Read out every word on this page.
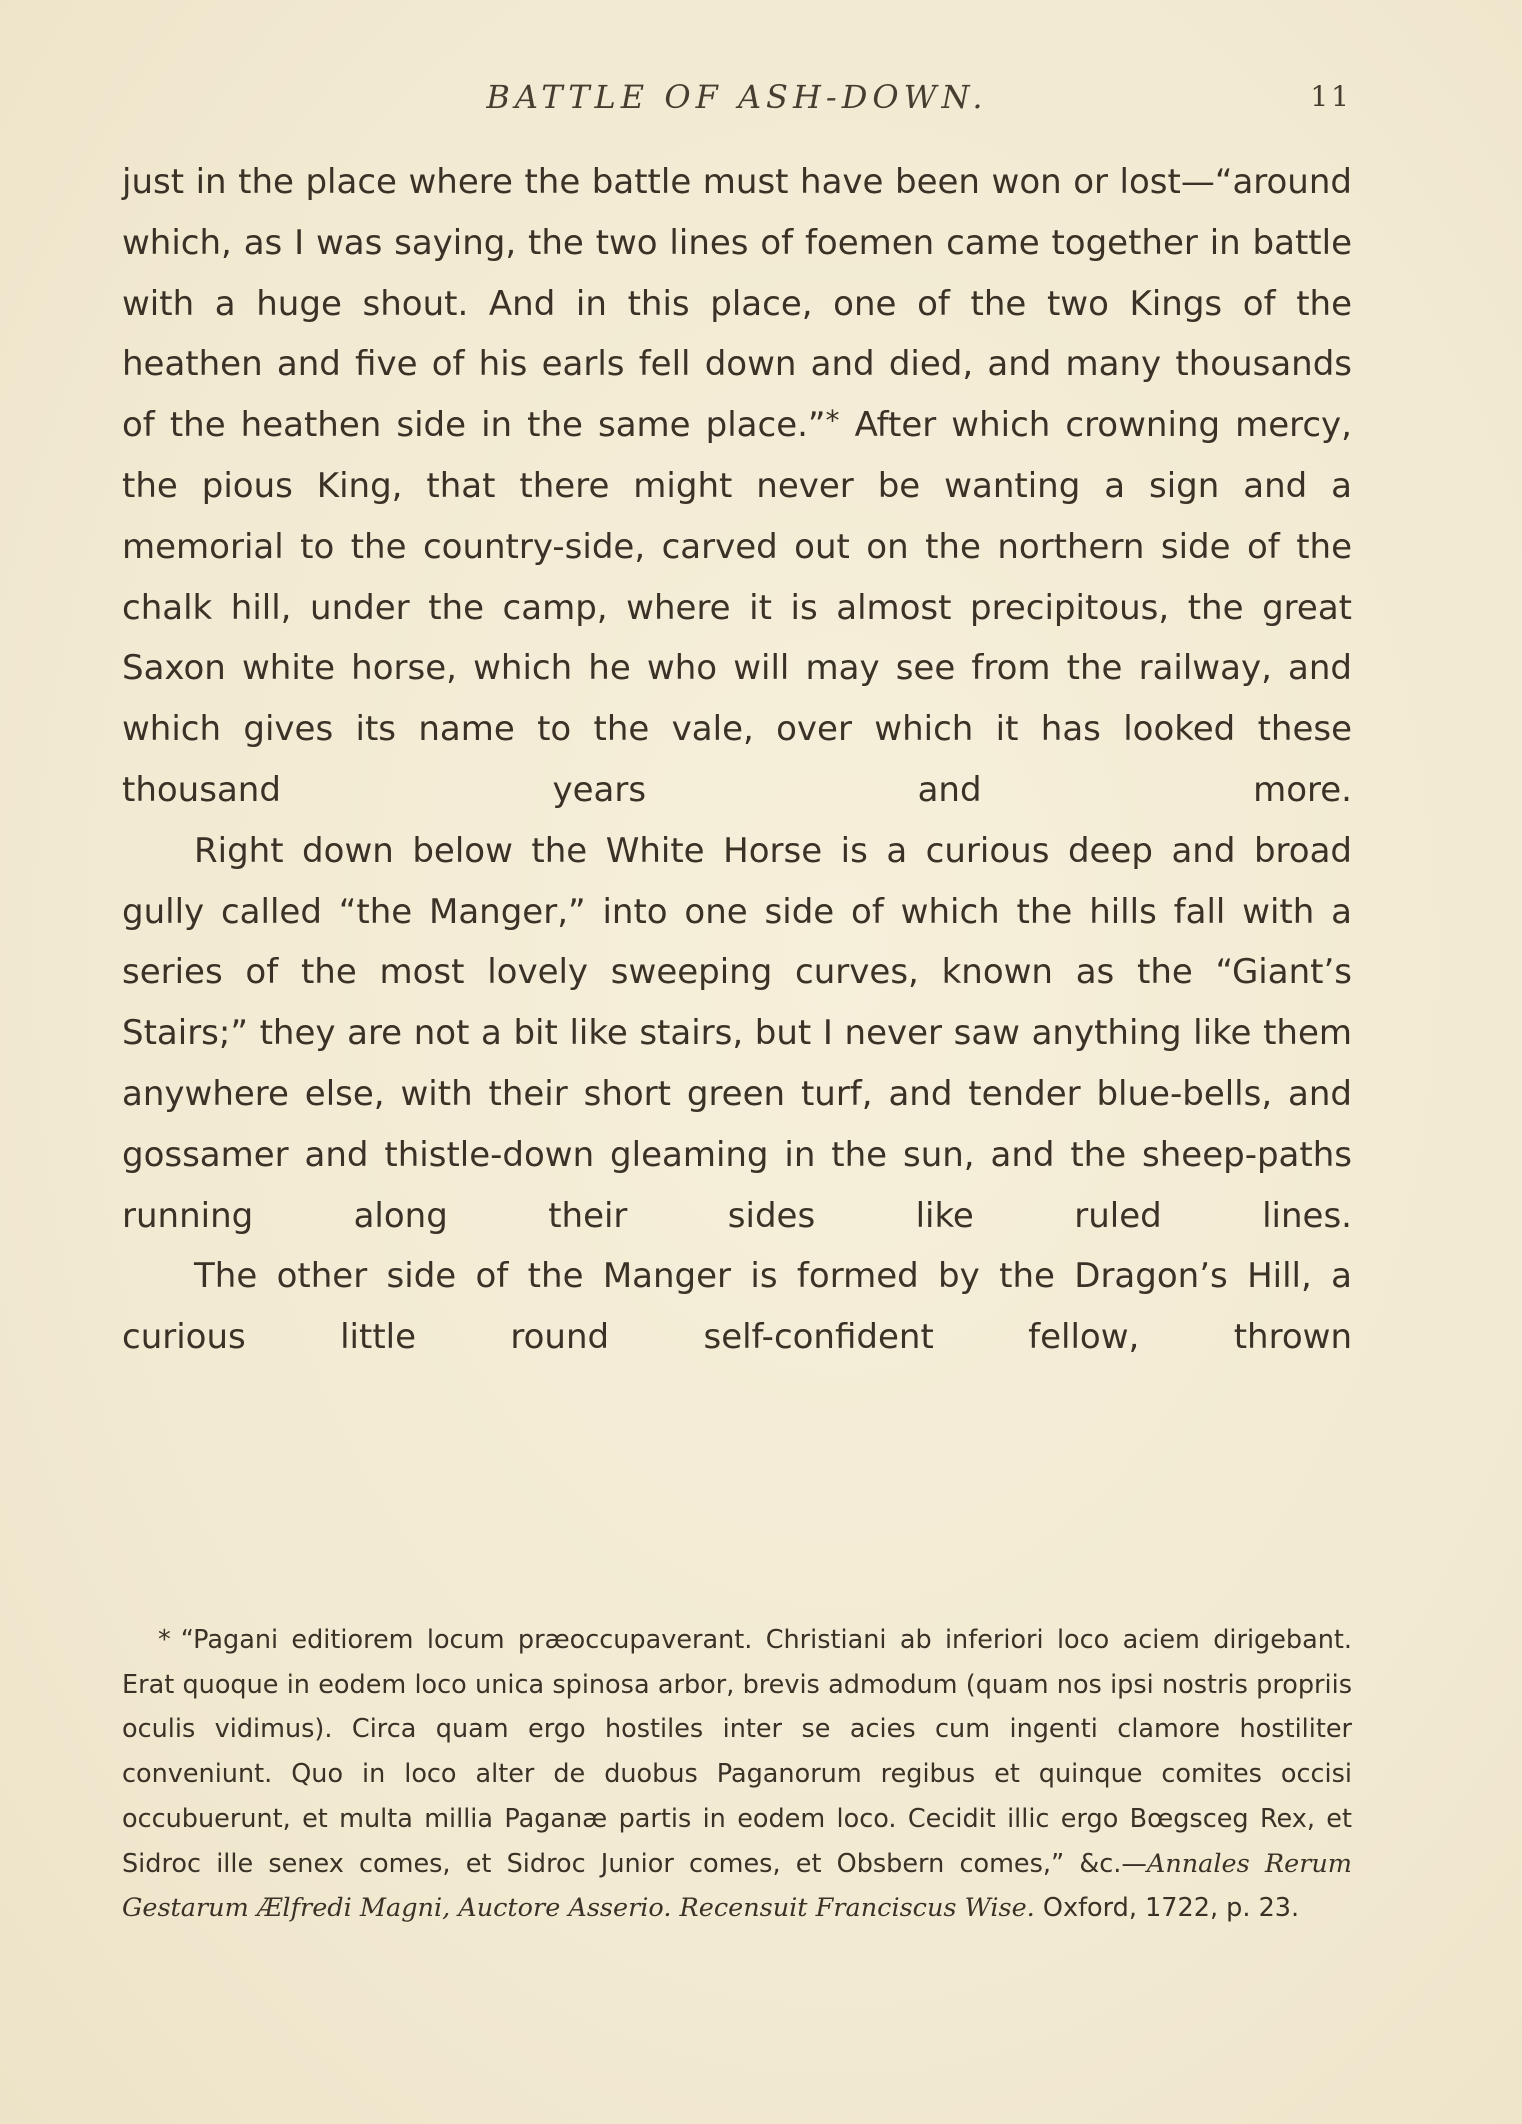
BATTLE OF ASH-DOWN.	11

just in the place where the battle must have been won or lost—“around which, as I was saying, the two lines of foemen came together in battle with a huge shout. And in this place, one of the two Kings of the heathen and five of his earls fell down and died, and many thousands of the heathen side in the same place.”* After which crowning mercy, the pious King, that there might never be wanting a sign and a memorial to the country-side, carved out on the northern side of the chalk hill, under the camp, where it is almost precipitous, the great Saxon white horse, which he who will may see from the railway, and which gives its name to the vale, over which it has looked these thousand years and more.

Right down below the White Horse is a curious deep and broad gully called “the Manger,” into one side of which the hills fall with a series of the most lovely sweeping curves, known as the “Giant’s Stairs;” they are not a bit like stairs, but I never saw anything like them anywhere else, with their short green turf, and tender blue-bells, and gossamer and thistle-down gleaming in the sun, and the sheep-paths running along their sides like ruled lines.

The other side of the Manger is formed by the Dragon’s Hill, a curious little round self-confident fellow, thrown

* “Pagani editiorem locum præoccupaverant. Christiani ab inferiori loco aciem dirigebant. Erat quoque in eodem loco unica spinosa arbor, brevis admodum (quam nos ipsi nostris propriis oculis vidimus). Circa quam ergo hostiles inter se acies cum ingenti clamore hostiliter conveniunt. Quo in loco alter de duobus Paganorum regibus et quinque comites occisi occubuerunt, et multa millia Paganæ partis in eodem loco. Cecidit illic ergo Bœgsceg Rex, et Sidroc ille senex comes, et Sidroc Junior comes, et Obsbern comes,” &c.—Annales Rerum Gestarum Ælfredi Magni, Auctore Asserio. Recensuit Franciscus Wise. Oxford, 1722, p. 23.
